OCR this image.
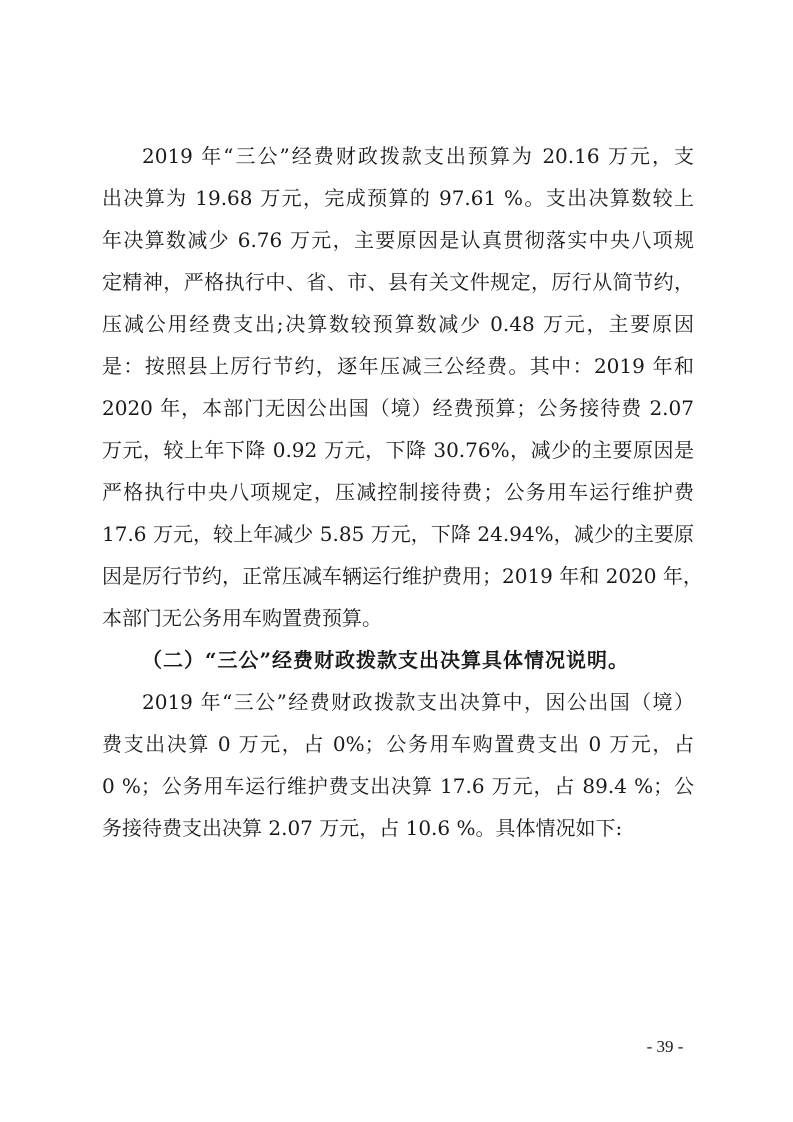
2019 年“三公”经费财政拨款支出预算为 20.16 万元，支
出决算为 19.68 万元，完成预算的 97.61 %。支出决算数较上
年决算数减少 6.76 万元，主要原因是认真贯彻落实中央八项规
定精神，严格执行中、省、市、县有关文件规定，厉行从简节约，
压减公用经费支出;决算数较预算数减少 0.48 万元，主要原因
是：按照县上厉行节约，逐年压减三公经费。其中：2019 年和
2020 年，本部门无因公出国（境）经费预算；公务接待费 2.07
万元，较上年下降 0.92 万元，下降 30.76%，减少的主要原因是
严格执行中央八项规定，压减控制接待费；公务用车运行维护费
17.6 万元，较上年减少 5.85 万元，下降 24.94%，减少的主要原
因是厉行节约，正常压减车辆运行维护费用；2019 年和 2020 年，
本部门无公务用车购置费预算。
（二）“三公”经费财政拨款支出决算具体情况说明。
2019 年“三公”经费财政拨款支出决算中，因公出国（境）
费支出决算 0 万元，占 0%；公务用车购置费支出 0 万元，占
0 %；公务用车运行维护费支出决算 17.6 万元，占 89.4 %；公
务接待费支出决算 2.07 万元，占 10.6 %。具体情况如下:
- 39 -
